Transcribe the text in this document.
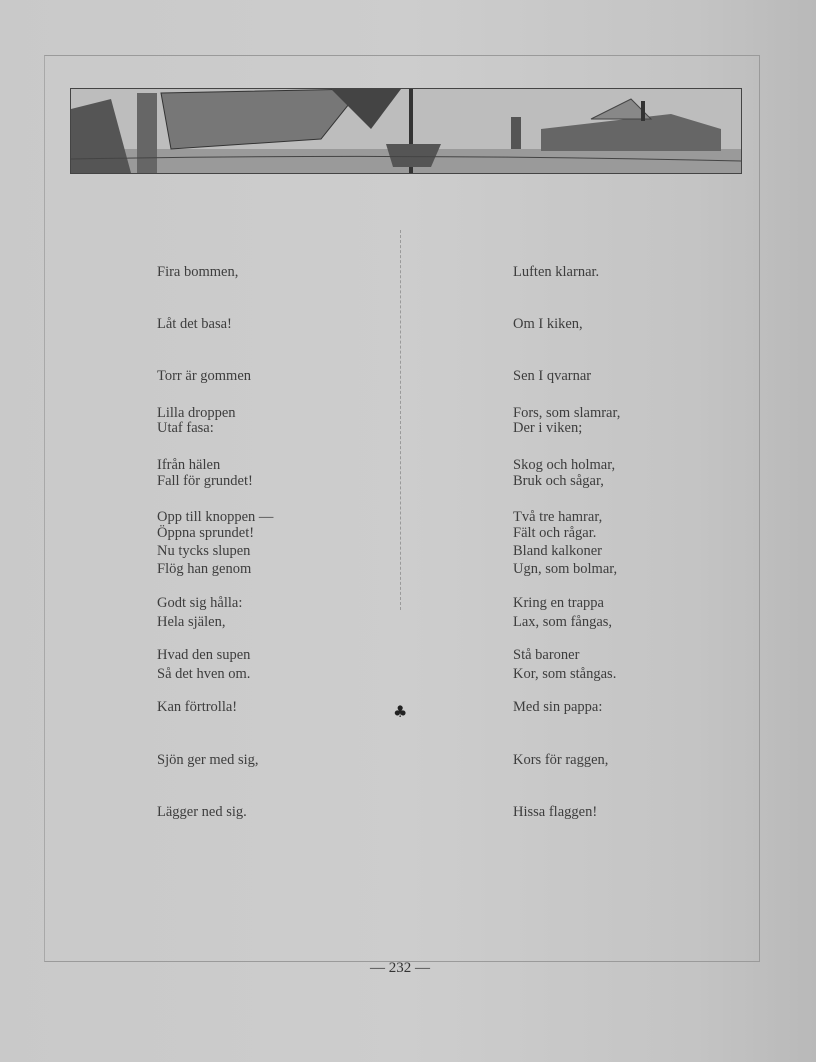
Fira bommen,

Låt det basa!

Torr är gommen

Utaf fasa:

Fall för grundet!

Öppna sprundet!

Lilla droppen

Ifrån hälen

Opp till knoppen —

Flög han genom

Hela själen,

Så det hven om.

Nu tycks slupen

Godt sig hålla:

Hvad den supen

Kan förtrolla!

Sjön ger med sig,

Lägger ned sig.

Luften klarnar.

Om I kiken,

Sen I qvarnar

Der i viken;

Bruk och sågar,

Fält och rågar.

Fors, som slamrar,

Skog och holmar,

Två tre hamrar,

Ugn, som bolmar,

Lax, som fångas,

Kor, som stångas.

Bland kalkoner

Kring en trappa

Stå baroner

Med sin pappa:

Kors för raggen,

Hissa flaggen!

♣
— 232 —
